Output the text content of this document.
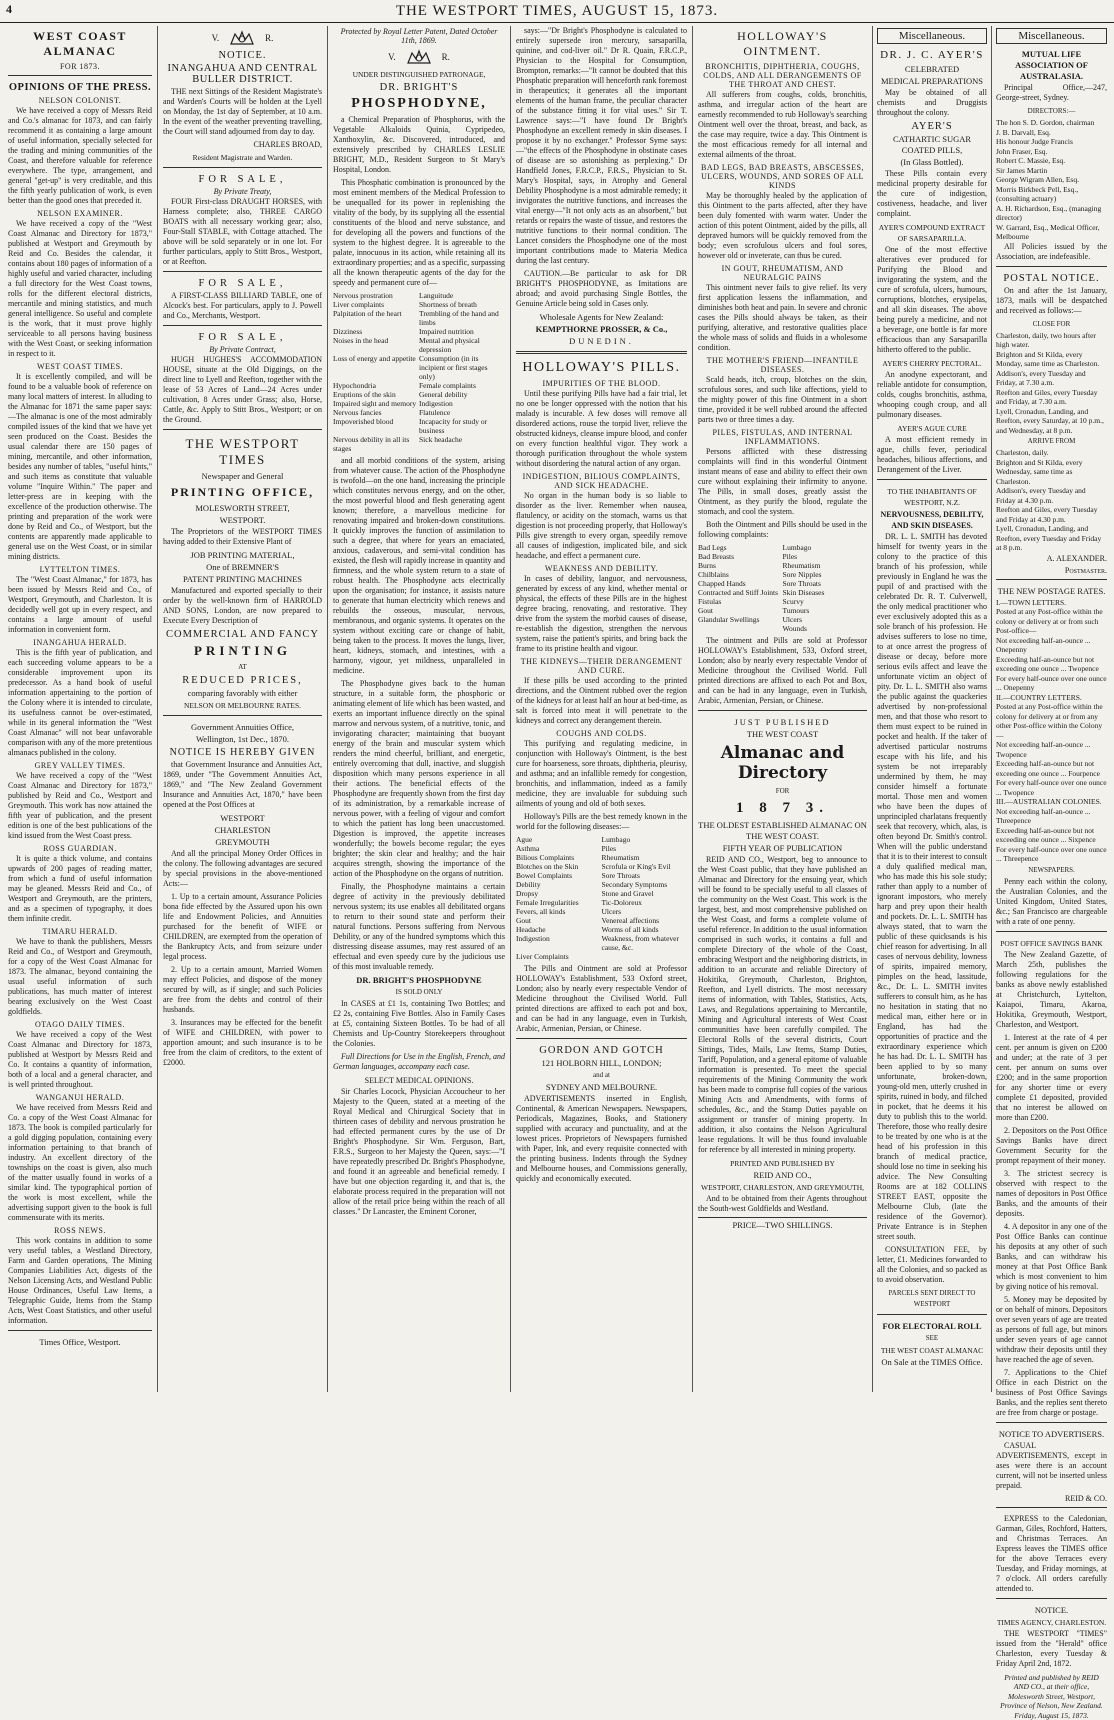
4	THE WESTPORT TIMES, AUGUST 15, 1873.
WEST COAST ALMANAC
FOR 1873.
OPINIONS OF THE PRESS.
NELSON COLONIST.

We have received a copy of Messrs Reid and Co.'s almanac for 1873, and can fairly recommend it as containing a large amount of useful information, specially selected for the trading and mining communities of the Coast, and therefore valuable for reference everywhere. The type, arrangement, and general "get-up" is very creditable, and this the fifth yearly publication of work, is even better than the good ones that preceded it.

NELSON EXAMINER.

We have received a copy of the "West Coast Almanac and Directory for 1873," published at Westport and Greymouth by Reid and Co. Besides the calendar, it contains about 180 pages of information of a highly useful and varied character, including a full directory for the West Coast towns, rolls for the different electoral districts, mercantile and mining statistics, and much general intelligence. So useful and complete is the work, that it must prove highly serviceable to all persons having business with the West Coast, or seeking information in respect to it.

WEST COAST TIMES.

It is excellently compiled, and will be found to be a valuable book of reference on many local matters of interest. In alluding to the Almanac for 1871 the same paper says:—The almanac is one of the most admirably compiled issues of the kind that we have yet seen produced on the Coast. Besides the usual calendar there are 150 pages of mining, mercantile, and other information, besides any number of tables, "useful hints," and such items as constitute that valuable volume "Inquire Within." The paper and letter-press are in keeping with the excellence of the production otherwise. The printing and preparation of the work were done by Reid and Co., of Westport, but the contents are apparently made applicable to general use on the West Coast, or in similar mining districts.

LYTTELTON TIMES.

The "West Coast Almanac," for 1873, has been issued by Messrs Reid and Co., of Westport, Greymouth, and Charleston. It is decidedly well got up in every respect, and contains a large amount of useful information in convenient form.

INANGAHUA HERALD.

This is the fifth year of publication, and each succeeding volume appears to be a considerable improvement upon its predecessor. As a hand book of useful information appertaining to the portion of the Colony where it is intended to circulate, its usefulness cannot be over-estimated, while in its general information the "West Coast Almanac" will not bear unfavorable comparison with any of the more pretentious almanacs published in the colony.

GREY VALLEY TIMES.

We have received a copy of the "West Coast Almanac and Directory for 1873," published by Reid and Co., Westport and Greymouth. This work has now attained the fifth year of publication, and the present edition is one of the best publications of the kind issued from the West Coast press.

ROSS GUARDIAN.

It is quite a thick volume, and contains upwards of 200 pages of reading matter, from which a fund of useful information may be gleaned. Messrs Reid and Co., of Westport and Greymouth, are the printers, and as a specimen of typography, it does them infinite credit.

TIMARU HERALD.

We have to thank the publishers, Messrs Reid and Co., of Westport and Greymouth, for a copy of the West Coast Almanac for 1873. The almanac, beyond containing the usual useful information of such publications, has much matter of interest bearing exclusively on the West Coast goldfields.

OTAGO DAILY TIMES.

We have received a copy of the West Coast Almanac and Directory for 1873, published at Westport by Messrs Reid and Co. It contains a quantity of information, both of a local and a general character, and is well printed throughout.

WANGANUI HERALD.

We have received from Messrs Reid and Co. a copy of the West Coast Almanac for 1873. The book is compiled particularly for a gold digging population, containing every information pertaining to that branch of industry. An excellent directory of the townships on the coast is given, also much of the matter usually found in works of a similar kind. The typographical portion of the work is most excellent, while the advertising support given to the book is full commensurate with its merits.

ROSS NEWS.

This work contains in addition to some very useful tables, a Westland Directory, Farm and Garden operations, The Mining Companies Liabilities Act, digests of the Nelson Licensing Acts, and Westland Public House Ordinances, Useful Law Items, a Telegraphic Guide, Items from the Stamp Acts, West Coast Statistics, and other useful information.

Times Office, Westport.
V.	R.
NOTICE.
INANGAHUA AND CENTRAL BULLER DISTRICT.

THE next Sittings of the Resident Magistrate's and Warden's Courts will be holden at the Lyell on Monday, the 1st day of September, at 10 a.m. In the event of the weather preventing travelling, the Court will stand adjourned from day to day.

CHARLES BROAD,
Resident Magistrate and Warden.
FOR SALE,
By Private Treaty,

FOUR First-class DRAUGHT HORSES, with Harness complete; also, THREE CARGO BOATS with all necessary working gear; also, Four-Stall STABLE, with Cottage attached. The above will be sold separately or in one lot. For further particulars, apply to Stitt Bros., Westport, or at Reefton.

FOR SALE,

A FIRST-CLASS BILLIARD TABLE, one of Alcock's best. For particulars, apply to J. Powell and Co., Merchants, Westport.

FOR SALE,
By Private Contract,

HUGH HUGHES'S ACCOMMODATION HOUSE, situate at the Old Diggings, on the direct line to Lyell and Reefton, together with the lease of 53 Acres of Land—24 Acres under cultivation, 8 Acres under Grass; also, Horse, Cattle, &c. Apply to Stitt Bros., Westport; or on the Ground.

THE WESTPORT TIMES
Newspaper and General
PRINTING OFFICE,
MOLESWORTH STREET,
WESTPORT.

The Proprietors of the WESTPORT TIMES having added to their Extensive Plant of

JOB PRINTING MATERIAL,
One of BREMNER'S
PATENT PRINTING MACHINES

Manufactured and exported specially to their order by the well-known firm of HARROLD AND SONS, London, are now prepared to Execute Every Description of

COMMERCIAL AND FANCY
PRINTING
AT
REDUCED PRICES,
comparing favorably with either
NELSON OR MELBOURNE RATES.
Government Annuities Office,
Wellington, 1st Dec., 1870.
NOTICE IS HEREBY GIVEN

that Government Insurance and Annuities Act, 1869, under "The Government Annuities Act, 1869," and "The New Zealand Government Insurance and Annuities Act, 1870," have been opened at the Post Offices at

WESTPORT
CHARLESTON
GREYMOUTH

And all the principal Money Order Offices in the colony. The following advantages are secured by special provisions in the above-mentioned Acts:—

1. Up to a certain amount, Assurance Policies bona fide effected by the Assured upon his own life and Endowment Policies, and Annuities purchased for the benefit of WIFE or CHILDREN, are exempted from the operation of the Bankruptcy Acts, and from seizure under legal process.

2. Up to a certain amount, Married Women may effect Policies, and dispose of the money secured by will, as if single; and such Policies are free from the debts and control of their husbands.

3. Insurances may be effected for the benefit of WIFE and CHILDREN, with power to apportion amount; and such insurance is to be free from the claim of creditors, to the extent of £2000.

Protected by Royal Letter Patent, Dated October 11th, 1869.
V.	R.
UNDER DISTINGUISHED PATRONAGE,
DR. BRIGHT'S
PHOSPHODYNE,

a Chemical Preparation of Phosphorus, with the Vegetable Alkaloids Quinia, Cypripedeo, Xanthoxylin, &c. Discovered, introduced, and extensively prescribed by CHARLES LESLIE BRIGHT, M.D., Resident Surgeon to St Mary's Hospital, London.

This Phosphatic combination is pronounced by the most eminent members of the Medical Profession to be unequalled for its power in replenishing the vitality of the body, by its supplying all the essential constituents of the blood and nerve substance, and for developing all the powers and functions of the system to the highest degree. It is agreeable to the palate, innocuous in its action, while retaining all its extraordinary properties; and as a specific, surpassing all the known therapeutic agents of the day for the speedy and permanent cure of—

Nervous prostration	Languitude
Liver complaints	Shortness of breath
Palpitation of the heart	Trembling of the hand and limbs
Dizziness	Impaired nutrition
Noises in the head	Mental and physical depression
Loss of energy and appetite Consumption (in its incipient or first stages only)
Hypochondria	Female complaints
Eruptions of the skin	General debility
Impaired sight and memory Indigestion
Nervous fancies	Flatulence
Impoverished blood	Incapacity for study or business
Nervous debility in all its stages
Sick headache

and all morbid conditions of the system, arising from whatever cause. The action of the Phosphodyne is twofold—on the one hand, increasing the principle which constitutes nervous energy, and on the other, the most powerful blood and flesh generating agent known; therefore, a marvellous medicine for renovating impaired and broken-down constitutions. It quickly improves the function of assimilation to such a degree, that where for years an emaciated, anxious, cadaverous, and semi-vital condition has existed, the flesh will rapidly increase in quantity and firmness, and the whole system return to a state of robust health. The Phosphodyne acts electrically upon the organisation; for instance, it assists nature to generate that human electricity which renews and rebuilds the osseous, muscular, nervous, membranous, and organic systems. It operates on the system without exciting care or change of habit, being taken to the process. It moves the lungs, liver, heart, kidneys, stomach, and intestines, with a harmony, vigour, yet mildness, unparalleled in medicine.

The Phosphodyne gives back to the human structure, in a suitable form, the phosphoric or animating element of life which has been wasted, and exerts an important influence directly on the spinal marrow and nervous system, of a nutritive, tonic, and invigorating character; maintaining that buoyant energy of the brain and muscular system which renders the mind cheerful, brilliant, and energetic, entirely overcoming that dull, inactive, and sluggish disposition which many persons experience in all their actions. The beneficial effects of the Phosphodyne are frequently shown from the first day of its administration, by a remarkable increase of nervous power, with a feeling of vigour and comfort to which the patient has long been unaccustomed. Digestion is improved, the appetite increases wonderfully; the bowels become regular; the eyes brighter; the skin clear and healthy; and the hair acquires strength, showing the importance of the action of the Phosphodyne on the organs of nutrition.

Finally, the Phosphodyne maintains a certain degree of activity in the previously debilitated nervous system; its use enables all debilitated organs to return to their sound state and perform their natural functions. Persons suffering from Nervous Debility, or any of the hundred symptoms which this distressing disease assumes, may rest assured of an effectual and even speedy cure by the judicious use of this most invaluable remedy.

DR. BRIGHT'S PHOSPHODYNE
IS SOLD ONLY

In CASES at £1 1s, containing Two Bottles; and £2 2s, containing Five Bottles. Also in Family Cases at £5, containing Sixteen Bottles. To be had of all Chemists and Up-Country Storekeepers throughout the Colonies.

Full Directions for Use in the English, French, and German languages, accompany each case.

SELECT MEDICAL OPINIONS.

Sir Charles Locock, Physician Accoucheur to her Majesty to the Queen, stated at a meeting of the Royal Medical and Chirurgical Society that in thirteen cases of debility and nervous prostration he had effected permanent cures by the use of Dr Bright's Phosphodyne. Sir Wm. Ferguson, Bart, F.R.S., Surgeon to her Majesty the Queen, says:—"I have repeatedly prescribed Dr. Bright's Phosphodyne, and found it an agreeable and beneficial remedy. I have but one objection regarding it, and that is, the elaborate process required in the preparation will not allow of the retail price being within the reach of all classes." Dr Lancaster, the Eminent Coroner,

says:—"Dr Bright's Phosphodyne is calculated to entirely supersede iron mercury, sarsaparilla, quinine, and cod-liver oil." Dr R. Quain, F.R.C.P., Physician to the Hospital for Consumption, Brompton, remarks:—"It cannot be doubted that this Phosphatic preparation will henceforth rank foremost in therapeutics; it generates all the important elements of the human frame, the peculiar character of the substance fitting it for vital uses." Sir T. Lawrence says:—"I have found Dr Bright's Phosphodyne an excellent remedy in skin diseases. I propose it by no exchanger." Professor Syme says:—"the effects of the Phosphodyne in obstinate cases of disease are so astonishing as perplexing." Dr Handfield Jones, F.R.C.P., F.R.S., Physician to St. Mary's Hospital, says, in Atrophy and General Debility Phosphodyne is a most admirable remedy; it invigorates the nutritive functions, and increases the vital energy—"It not only acts as an absorbent," but retards or repairs the waste of tissue, and restores the nutritive functions to their normal condition. The Lancet considers the Phosphodyne one of the most important contributions made to Materia Medica during the last century.

CAUTION.—Be particular to ask for DR BRIGHT'S PHOSPHODYNE, as Imitations are abroad; and avoid purchasing Single Bottles, the Genuine Article being sold in Cases only.

Wholesale Agents for New Zealand:
KEMPTHORNE PROSSER, & Co.,
DUNEDIN.
HOLLOWAY'S PILLS.
IMPURITIES OF THE BLOOD.

Until these purifying Pills have had a fair trial, let no one be longer oppressed with the notion that his malady is incurable. A few doses will remove all disordered actions, rouse the torpid liver, relieve the obstructed kidneys, cleanse impure blood, and confer on every function healthful vigor. They work a thorough purification throughout the whole system without disordering the natural action of any organ.

INDIGESTION, BILIOUS COMPLAINTS, AND SICK HEADACHE.

No organ in the human body is so liable to disorder as the liver. Remember when nausea, flatulency, or acidity on the stomach, warns us that digestion is not proceeding properly, that Holloway's Pills give strength to every organ, speedily remove all causes of indigestion, implicated bile, and sick headache, and effect a permanent cure.

WEAKNESS AND DEBILITY.

In cases of debility, languor, and nervousness, generated by excess of any kind, whether mental or physical, the effects of these Pills are in the highest degree bracing, renovating, and restorative. They drive from the system the morbid causes of disease, re-establish the digestion, strengthen the nervous system, raise the patient's spirits, and bring back the frame to its pristine health and vigour.

THE KIDNEYS—THEIR DERANGEMENT AND CURE.

If these pills be used according to the printed directions, and the Ointment rubbed over the region of the kidneys for at least half an hour at bed-time, as salt is forced into meat it will penetrate to the kidneys and correct any derangement therein.

COUGHS AND COLDS.

This purifying and regulating medicine, in conjunction with Holloway's Ointment, is the best cure for hoarseness, sore throats, diphtheria, pleurisy, and asthma; and an infallible remedy for congestion, bronchitis, and inflammation, indeed as a family medicine, they are invaluable for subduing such ailments of young and old of both sexes.

Holloway's Pills are the best remedy known in the world for the following diseases:—

Ague	Lumbago
Asthma	Piles
Bilious Complaints	Rheumatism
Blotches on the Skin	Scrofula or King's Evil
Bowel Complaints	Sore Throats
Debility	Secondary Symptoms
Dropsy	Stone and Gravel
Female Irregularities	Tic-Doloreux
Fevers, all kinds	Ulcers
Gout	Venereal affections
Headache	Worms of all kinds
Indigestion	Weakness, from whatever cause, &c.
Liver Complaints

The Pills and Ointment are sold at Professor HOLLOWAY's Establishment, 533 Oxford street, London; also by nearly every respectable Vendor of Medicine throughout the Civilised World. Full printed directions are affixed to each pot and box, and can be had in any language, even in Turkish, Arabic, Armenian, Persian, or Chinese.

GORDON AND GOTCH
121 HOLBORN HILL, LONDON;
and at
SYDNEY AND MELBOURNE.

ADVERTISEMENTS inserted in English, Continental, & American Newspapers. Newspapers, Periodicals, Magazines, Books, and Stationery supplied with accuracy and punctuality, and at the lowest prices. Proprietors of Newspapers furnished with Paper, Ink, and every requisite connected with the printing business. Indents through the Sydney and Melbourne houses, and Commissions generally, quickly and economically executed.

HOLLOWAY'S OINTMENT.
BRONCHITIS, DIPHTHERIA, COUGHS, COLDS, AND ALL DERANGEMENTS OF THE THROAT AND CHEST.

All sufferers from coughs, colds, bronchitis, asthma, and irregular action of the heart are earnestly recommended to rub Holloway's searching Ointment well over the throat, breast, and back, as the case may require, twice a day. This Ointment is the most efficacious remedy for all internal and external ailments of the throat.

BAD LEGS, BAD BREASTS, ABSCESSES, ULCERS, WOUNDS, AND SORES OF ALL KINDS

May be thoroughly healed by the application of this Ointment to the parts affected, after they have been duly fomented with warm water. Under the action of this potent Ointment, aided by the pills, all depraved humors will be quickly removed from the body; even scrofulous ulcers and foul sores, however old or inveterate, can thus be cured.

IN GOUT, RHEUMATISM, AND NEURALGIC PAINS

This ointment never fails to give relief. Its very first application lessens the inflammation, and diminishes both heat and pain. In severe and chronic cases the Pills should always be taken, as their purifying, alterative, and restorative qualities place the whole mass of solids and fluids in a wholesome condition.

THE MOTHER'S FRIEND—INFANTILE DISEASES.

Scald heads, itch, croup, blotches on the skin, scrofulous sores, and such like affections, yield to the mighty power of this fine Ointment in a short time, provided it be well rubbed around the affected parts two or three times a day.

PILES, FISTULAS, AND INTERNAL INFLAMMATIONS.

Persons afflicted with these distressing complaints will find in this wonderful Ointment instant means of ease and ability to effect their own cure without explaining their infirmity to anyone. The Pills, in small doses, greatly assist the Ointment, as they purify the blood, regulate the stomach, and cool the system.

Both the Ointment and Pills should be used in the following complaints:

Bad Legs	Lumbago
Bad Breasts	Piles
Burns	Rheumatism
Chilblains	Sore Nipples
Chapped Hands	Sore Throats
Contracted and Stiff Joints Skin Diseases
Fistulas	Scurvy
Gout	Tumours
Glandular Swellings	Ulcers
Wounds

The ointment and Pills are sold at Professor HOLLOWAY's Establishment, 533, Oxford street, London; also by nearly every respectable Vendor of Medicine throughout the Civilised World. Full printed directions are affixed to each Pot and Box, and can be had in any language, even in Turkish, Arabic, Armenian, Persian, or Chinese.

JUST PUBLISHED
THE WEST COAST
Almanac and Directory
FOR
1 8 7 3.
THE OLDEST ESTABLISHED ALMANAC ON THE WEST COAST.
FIFTH YEAR OF PUBLICATION

REID AND CO., Westport, beg to announce to the West Coast public, that they have published an Almanac and Directory for the ensuing year, which will be found to be specially useful to all classes of the community on the West Coast. This work is the largest, best, and most comprehensive published on the West Coast, and forms a complete volume of useful reference. In addition to the usual information comprised in such works, it contains a full and complete Directory of the whole of the Coast, embracing Westport and the neighboring districts, in addition to an accurate and reliable Directory of Hokitika, Greymouth, Charleston, Brighton, Reefton, and Lyell districts. The most necessary items of information, with Tables, Statistics, Acts, Laws, and Regulations appertaining to Mercantile, Mining and Agricultural interests of West Coast communities have been carefully compiled. The Electoral Rolls of the several districts, Court Sittings, Tides, Mails, Law Items, Stamp Duties, Tariff, Population, and a general epitome of valuable information is presented. To meet the special requirements of the Mining Community the work has been made to comprise full copies of the various Mining Acts and Amendments, with forms of schedules, &c., and the Stamp Duties payable on assignment or transfer of mining property. In addition, it also contains the Nelson Agricultural lease regulations. It will be thus found invaluable for reference by all interested in mining property.

PRINTED AND PUBLISHED BY
REID AND CO.,
WESTPORT, CHARLESTON, AND GREYMOUTH,

And to be obtained from their Agents throughout the South-west Goldfields and Westland.

PRICE—TWO SHILLINGS.
Miscellaneous.
DR. J. C. AYER'S
CELEBRATED
MEDICAL PREPARATIONS

May be obtained of all chemists and Druggists throughout the colony.

AYER'S
CATHARTIC SUGAR COATED PILLS,
(In Glass Bottled).

These Pills contain every medicinal property desirable for the cure of indigestion, costiveness, headache, and liver complaint.

AYER'S COMPOUND EXTRACT OF SARSAPARILLA.

One of the most effective alteratives ever produced for Purifying the Blood and invigorating the system, and the cure of scrofula, ulcers, humours, corruptions, blotches, erysipelas, and all skin diseases. The above being purely a medicine, and not a beverage, one bottle is far more efficacious than any Sarsaparilla hitherto offered to the public.

AYER'S CHERRY PECTORAL.

An anodyne expectorant, and reliable antidote for consumption, colds, coughs bronchitis, asthma, whooping cough croup, and all pulmonary diseases.

AYER'S AGUE CURE

A most efficient remedy in ague, chills fever, periodical headaches, bilious affections, and Derangement of the Liver.

TO THE INHABITANTS OF WESTPORT, N.Z.
NERVOUSNESS, DEBILITY, AND SKIN DISEASES.

DR. L. L. SMITH has devoted himself for twenty years in the colony to the practice of this branch of his profession, while previously in England he was the pupil of and practised with the celebrated Dr. R. T. Culverwell, the only medical practitioner who ever exclusively adopted this as a sole branch of his profession. He advises sufferers to lose no time, to at once arrest the progress of disease or decay, before more serious evils affect and leave the unfortunate victim an object of pity. Dr. L. L. SMITH also warns the public against the quackeries advertised by non-professional men, and that those who resort to them must expect to be ruined in pocket and health. If the taker of advertised particular nostrums escape with his life, and his system be not irreparably undermined by them, he may consider himself a fortunate mortal. Those men and women who have been the dupes of unprincipled charlatans frequently seek that recovery, which, alas, is often beyond Dr. Smith's control. When will the public understand that it is to their interest to consult a duly qualified medical man, who has made this his sole study; rather than apply to a number of ignorant impostors, who merely harp and prey upon their health and pockets. Dr. L. L. SMITH has always stated, that to warn the public of these quicksands is his chief reason for advertising. In all cases of nervous debility, lowness of spirits, impaired memory, pimples on the head, lassitude, &c., Dr. L. L. SMITH invites sufferers to consult him, as he has no hesitation in stating that no medical man, either here or in England, has had the opportunities of practice and the extraordinary experience which he has had. Dr. L. L. SMITH has been applied to by so many unfortunate, broken-down, young-old men, utterly crushed in spirits, ruined in body, and filched in pocket, that he deems it his duty to publish this to the world. Therefore, those who really desire to be treated by one who is at the head of his profession in this branch of medical practice, should lose no time in seeking his advice. The New Consulting Rooms are at 182 COLLINS STREET EAST, opposite the Melbourne Club, (late the residence of the Governor). Private Entrance is in Stephen street south.

CONSULTATION FEE, by letter, £1. Medicines forwarded to all the Colonies, and so packed as to avoid observation.

PARCELS SENT DIRECT TO WESTPORT
FOR ELECTORAL ROLL
SEE
THE WEST COAST ALMANAC
On Sale at the TIMES Office.
Miscellaneous.
MUTUAL LIFE ASSOCIATION OF AUSTRALASIA.

Principal Office,—247, George-street, Sydney.

DIRECTORS:—
The hon S. D. Gordon, chairman
J. B. Darvall, Esq.
His honour Judge Francis
John Fraser, Esq.
Robert C. Massie, Esq.
Sir James Martin
George Wigram Allen, Esq.
Morris Birkbeck Pell, Esq., (consulting actuary)
A. H. Richardson, Esq., (managing director)
W. Garrard, Esq., Medical Officer, Melbourne

All Policies issued by the Association, are indefeasible.

POSTAL NOTICE.

On and after the 1st January, 1873, mails will be despatched and received as follows:—

CLOSE FOR
Charleston, daily, two hours after high water.
Brighton and St Kilda, every Monday, same time as Charleston.
Addison's, every Tuesday and Friday, at 7.30 a.m.
Reefton and Giles, every Tuesday and Friday, at 7.30 a.m.
Lyell, Cronadun, Landing, and Reefton, every Saturday, at 10 p.m., and Wednesday, at 8 p.m.
ARRIVE FROM
Charleston, daily.
Brighton and St Kilda, every Wednesday, same time as Charleston.
Addison's, every Tuesday and Friday at 4.30 p.m.
Reefton and Giles, every Tuesday and Friday at 4.30 p.m.
Lyell, Cronadun, Landing, and Reefton, every Tuesday and Friday at 8 p.m.
A. ALEXANDER.
Postmaster.
THE NEW POSTAGE RATES.
I.—TOWN LETTERS.
Posted at any Post-office within the colony or delivery at or from such Post-office—
Not exceeding half-an-ounce ... Onepenny
Exceeding half-an-ounce but not exceeding one ounce ... Twopence
For every half-ounce over one ounce ... Onepenny
II.—COUNTRY LETTERS.
Posted at any Post-office within the colony for delivery at or from any other Post-office within the Colony—
Not exceeding half-an-ounce ... Twopence
Exceeding half-an-ounce but not exceeding one ounce ... Fourpence
For every half-ounce over one ounce ... Twopence
III.—AUSTRALIAN COLONIES.
Not exceeding half-an-ounce ... Threepence
Exceeding half-an-ounce but not exceeding one ounce ... Sixpence
For every half-ounce over one ounce ... Threepence
NEWSPAPERS.

Penny each within the colony, the Australian Colonies, and the United Kingdom, United States, &c.; San Francisco are chargeable with a rate of one penny.

POST OFFICE SAVINGS BANK

The New Zealand Gazette, of March 25th, publishes the following regulations for the banks as above newly established at Christchurch, Lyttelton, Kaiapoi, Timaru, Akaroa, Hokitika, Greymouth, Westport, Charleston, and Westport.

1. Interest at the rate of 4 per cent. per annum is given on £200 and under; at the rate of 3 per cent. per annum on sums over £200; and in the same proportion for any shorter time or every complete £1 deposited, provided that no interest be allowed on more than £200.

2. Depositors on the Post Office Savings Banks have direct Government Security for the prompt repayment of their money.

3. The strictest secrecy is observed with respect to the names of depositors in Post Office Banks, and the amounts of their deposits.

4. A depositor in any one of the Post Office Banks can continue his deposits at any other of such Banks, and can withdraw his money at that Post Office Bank which is most convenient to him by giving notice of his removal.

5. Money may be deposited by or on behalf of minors. Depositors over seven years of age are treated as persons of full age, but minors under seven years of age cannot withdraw their deposits until they have reached the age of seven.

7. Applications to the Chief Office in each District on the business of Post Office Savings Banks, and the replies sent thereto are free from charge or postage.

NOTICE TO ADVERTISERS.

CASUAL ADVERTISEMENTS, except in ases were there is an account current, will not be inserted unless prepaid.

REID & CO.

EXPRESS to the Caledonian, Garman, Giles, Rochford, Hatters, and Christmas Terraces. An Express leaves the TIMES office for the above Terraces every Tuesday, and Friday mornings, at 7 o'clock. All orders carefully attended to.

NOTICE.
TIMES AGENCY, CHARLESTON.

THE WESTPORT "TIMES" issued from the "Herald" office Charleston, every Tuesday & Friday April 2nd, 1872.

Printed and published by REID AND CO., at their office, Molesworth Street, Westport, Province of Nelson, New Zealand. Friday, August 15, 1873.
